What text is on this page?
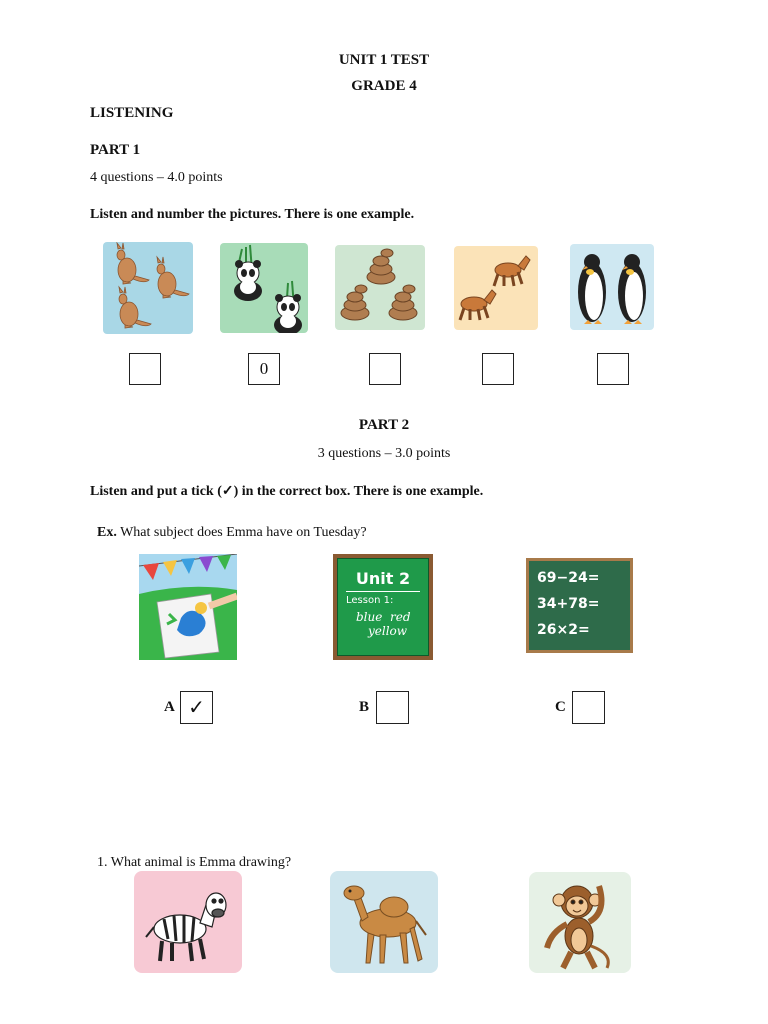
UNIT 1 TEST
GRADE 4
LISTENING
PART 1
4 questions – 4.0 points
Listen and number the pictures. There is one example.
0
PART 2
3 questions – 3.0 points
Listen and put a tick (✓) in the correct box. There is one example.
Ex. What subject does Emma have on Tuesday?
Unit 2
Lesson 1:
blue  red
yellow
69−24=
34+78=
26×2=
A ✓	B	C
1. What animal is Emma drawing?
